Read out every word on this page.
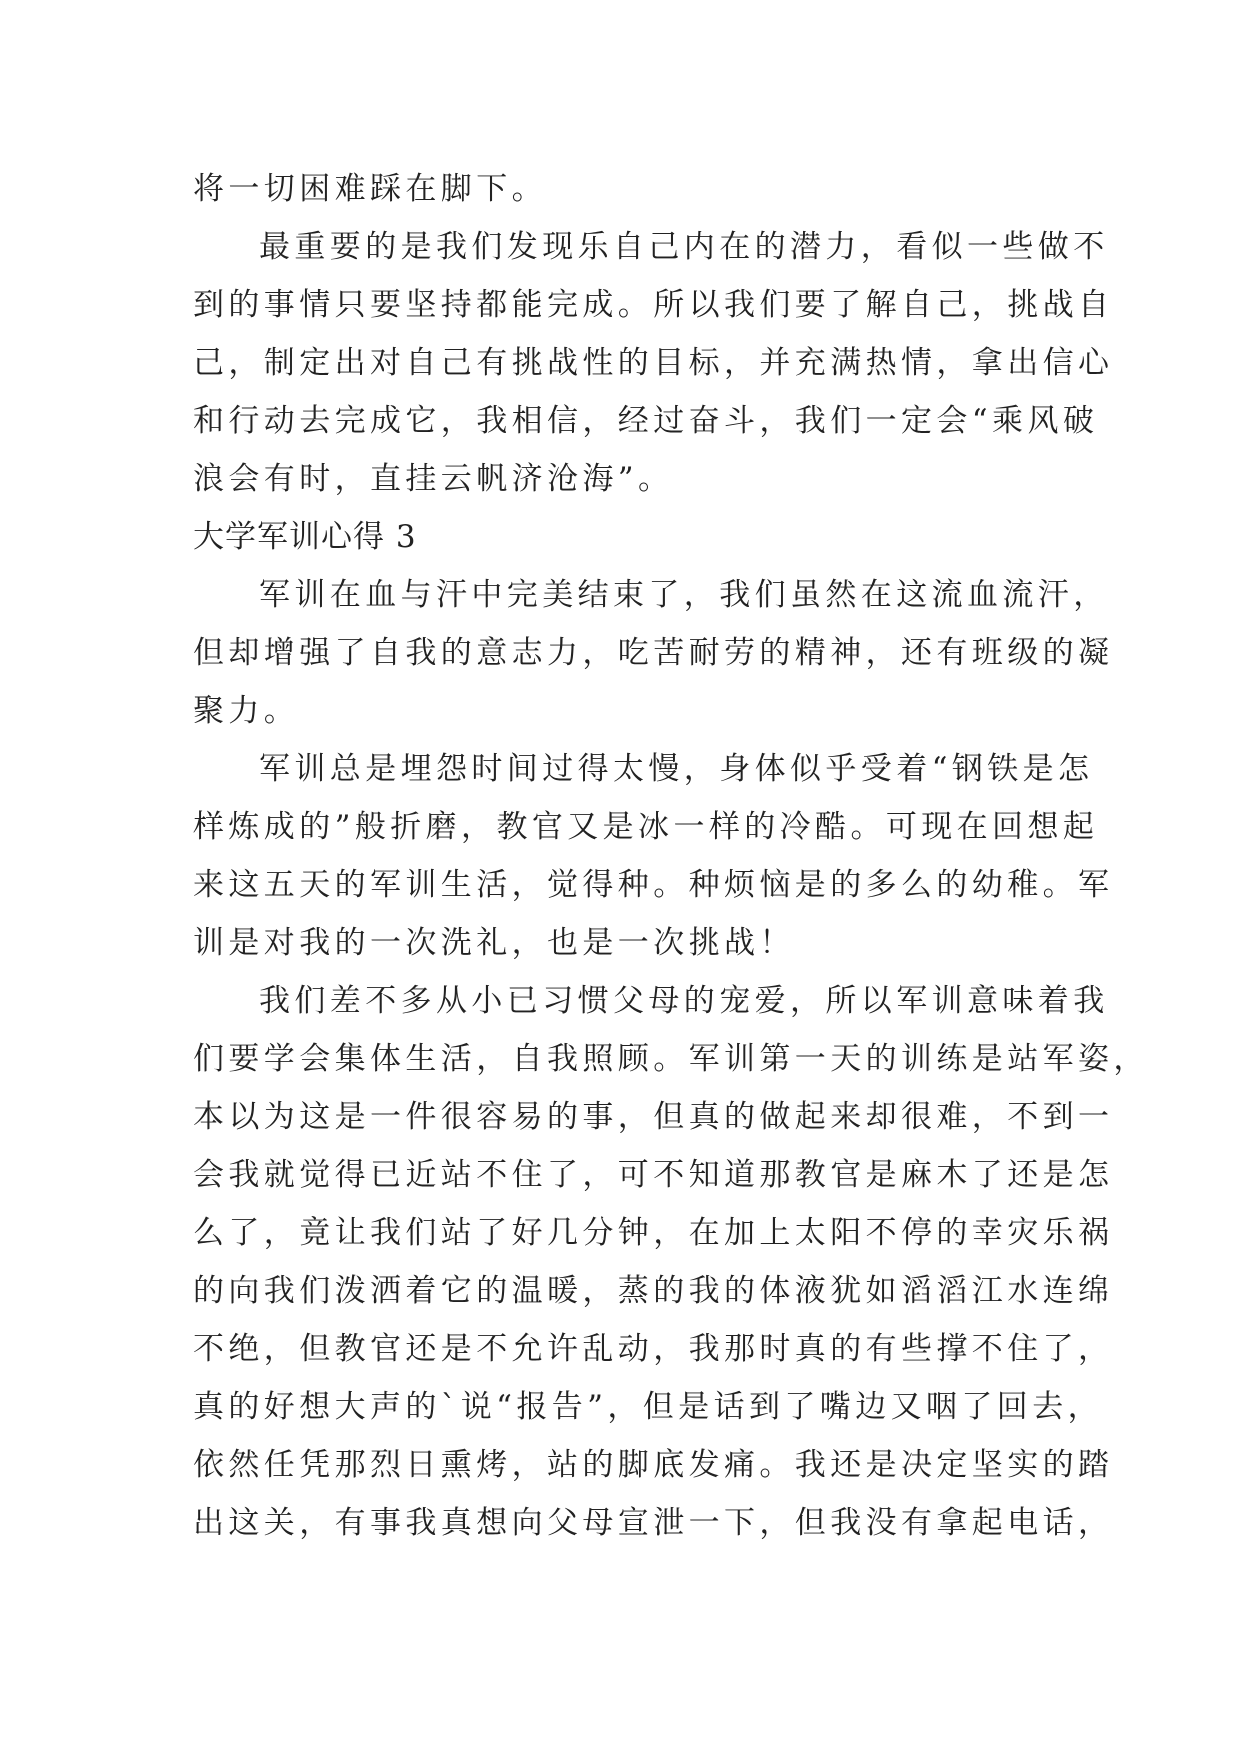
将一切困难踩在脚下。
最重要的是我们发现乐自己内在的潜力，看似一些做不
到的事情只要坚持都能完成。所以我们要了解自己，挑战自
己，制定出对自己有挑战性的目标，并充满热情，拿出信心
和行动去完成它，我相信，经过奋斗，我们一定会“乘风破
浪会有时，直挂云帆济沧海”。
大学军训心得 3
军训在血与汗中完美结束了，我们虽然在这流血流汗，
但却增强了自我的意志力，吃苦耐劳的精神，还有班级的凝
聚力。
军训总是埋怨时间过得太慢，身体似乎受着“钢铁是怎
样炼成的”般折磨，教官又是冰一样的冷酷。可现在回想起
来这五天的军训生活，觉得种。种烦恼是的多么的幼稚。军
训是对我的一次洗礼，也是一次挑战！
我们差不多从小已习惯父母的宠爱，所以军训意味着我
们要学会集体生活，自我照顾。军训第一天的训练是站军姿，
本以为这是一件很容易的事，但真的做起来却很难，不到一
会我就觉得已近站不住了，可不知道那教官是麻木了还是怎
么了，竟让我们站了好几分钟，在加上太阳不停的幸灾乐祸
的向我们泼洒着它的温暖，蒸的我的体液犹如滔滔江水连绵
不绝，但教官还是不允许乱动，我那时真的有些撑不住了，
真的好想大声的`说“报告”，但是话到了嘴边又咽了回去，
依然任凭那烈日熏烤，站的脚底发痛。我还是决定坚实的踏
出这关，有事我真想向父母宣泄一下，但我没有拿起电话，
